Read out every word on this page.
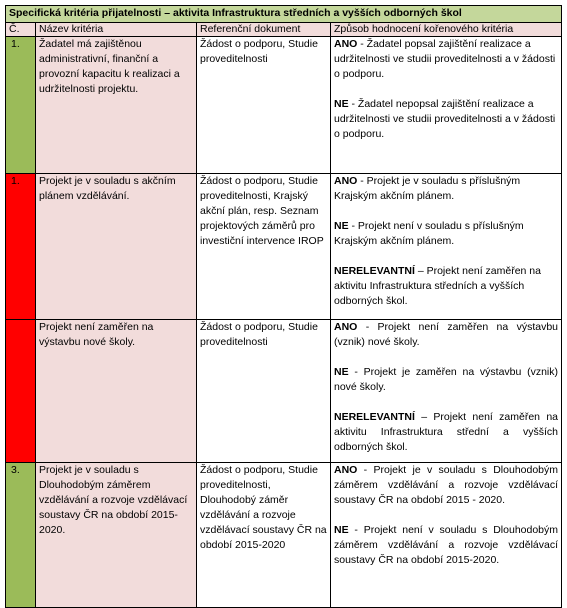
Specifická kritéria přijatelnosti – aktivita Infrastruktura středních a vyšších odborných škol			
Č.	Název kritéria	Referenční dokument	Způsob hodnocení kořenového kritéria
1.	Žadatel má zajištěnou administrativní, finanční a provozní kapacitu k realizaci a udržitelnosti projektu.	Žádost o podporu, Studie proveditelnosti	ANO - Žadatel popsal zajištění realizace a udržitelnosti ve studii proveditelnosti a v žádosti o podporu.

NE - Žadatel nepopsal zajištění realizace a udržitelnosti ve studii proveditelnosti a v žádosti o podporu.

1.	Projekt je v souladu s akčním plánem vzdělávání.	Žádost o podporu, Studie proveditelnosti, Krajský akční plán, resp. Seznam projektových záměrů pro investiční intervence IROP	ANO - Projekt je v souladu s příslušným Krajským akčním plánem.

NE - Projekt není v souladu s příslušným Krajským akčním plánem.

NERELEVANTNÍ – Projekt není zaměřen na aktivitu Infrastruktura středních a vyšších odborných škol.

	Projekt není zaměřen na výstavbu nové školy.	Žádost o podporu, Studie proveditelnosti	ANO - Projekt není zaměřen na výstavbu (vznik) nové školy.

NE - Projekt je zaměřen na výstavbu (vznik) nové školy.

NERELEVANTNÍ – Projekt není zaměřen na aktivitu Infrastruktura střední a vyšších odborných škol.

3.	Projekt je v souladu s Dlouhodobým záměrem vzdělávání a rozvoje vzdělávací soustavy ČR na období 2015-2020.	Žádost o podporu, Studie proveditelnosti, Dlouhodobý záměr vzdělávání a rozvoje vzdělávací soustavy ČR na období 2015-2020	ANO - Projekt je v souladu s Dlouhodobým záměrem vzdělávání a rozvoje vzdělávací soustavy ČR na období 2015 - 2020.

NE - Projekt není v souladu s Dlouhodobým záměrem vzdělávání a rozvoje vzdělávací soustavy ČR na období 2015-2020.
